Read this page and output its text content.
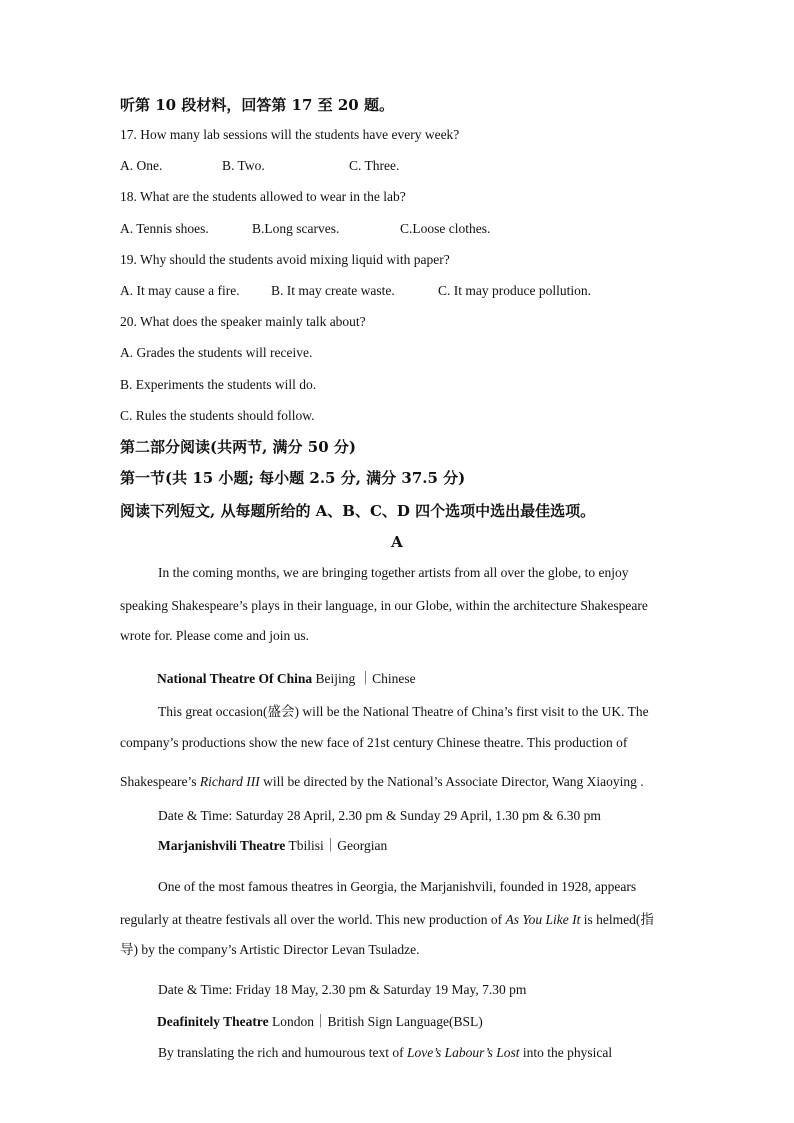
听第 10 段材料，回答第 17 至 20 题。
17. How many lab sessions will the students have every week?
A. One.	B. Two.	C. Three.
18. What are the students allowed to wear in the lab?
A. Tennis shoes.	B.Long scarves.	C.Loose clothes.
19. Why should the students avoid mixing liquid with paper?
A. It may cause a fire. B. It may create waste.	C. It may produce pollution.
20. What does the speaker mainly talk about?
A. Grades the students will receive.
B. Experiments the students will do.
C. Rules the students should follow.
第二部分阅读(共两节, 满分 50 分)
第一节(共 15 小题; 每小题 2.5 分, 满分 37.5 分)
阅读下列短文, 从每题所给的 A、B、C、D 四个选项中选出最佳选项。
A
In the coming months, we are bringing together artists from all over the globe, to enjoy
speaking Shakespeare’s plays in their language, in our Globe, within the architecture Shakespeare
wrote for. Please come and join us.
National Theatre Of China Beijing ｜Chinese
This great occasion(盛会) will be the National Theatre of China’s first visit to the UK. The
company’s productions show the new face of 21st century Chinese theatre. This production of
Shakespeare’s Richard III will be directed by the National’s Associate Director, Wang Xiaoying .
Date & Time: Saturday 28 April, 2.30 pm & Sunday 29 April, 1.30 pm & 6.30 pm
Marjanishvili Theatre Tbilisi｜Georgian
One of the most famous theatres in Georgia, the Marjanishvili, founded in 1928, appears
regularly at theatre festivals all over the world. This new production of As You Like It is helmed(指
导) by the company’s Artistic Director Levan Tsuladze.
Date & Time: Friday 18 May, 2.30 pm & Saturday 19 May, 7.30 pm
Deafinitely Theatre London｜British Sign Language(BSL)
By translating the rich and humourous text of Love’s Labour’s Lost into the physical
